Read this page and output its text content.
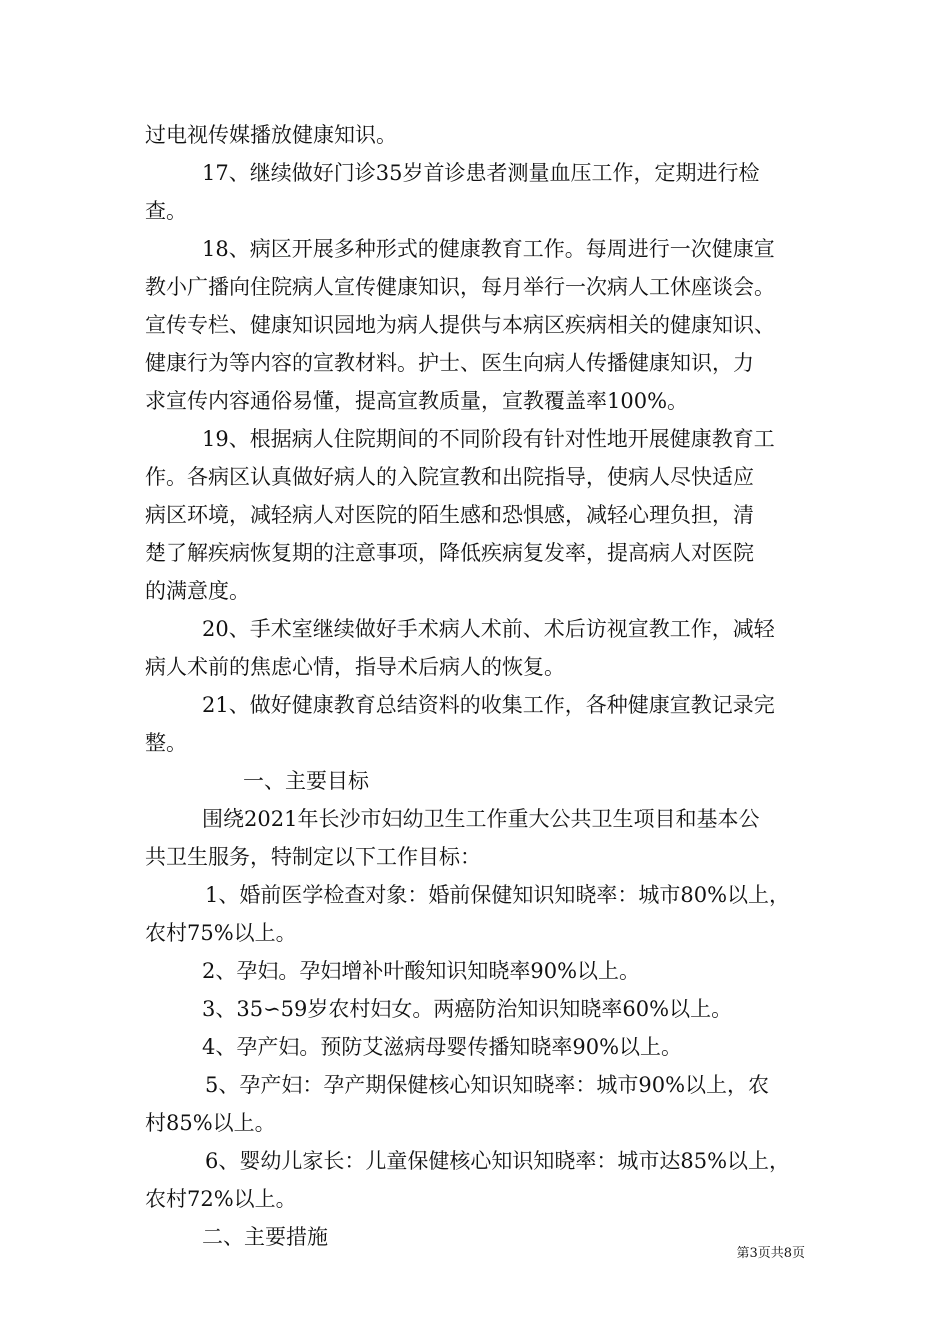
过电视传媒播放健康知识。
17、继续做好门诊35岁首诊患者测量血压工作，定期进行检
查。
18、病区开展多种形式的健康教育工作。每周进行一次健康宣
教小广播向住院病人宣传健康知识，每月举行一次病人工休座谈会。
宣传专栏、健康知识园地为病人提供与本病区疾病相关的健康知识、
健康行为等内容的宣教材料。护士、医生向病人传播健康知识，力
求宣传内容通俗易懂，提高宣教质量，宣教覆盖率100%。
19、根据病人住院期间的不同阶段有针对性地开展健康教育工
作。各病区认真做好病人的入院宣教和出院指导，使病人尽快适应
病区环境，减轻病人对医院的陌生感和恐惧感，减轻心理负担，清
楚了解疾病恢复期的注意事项，降低疾病复发率，提高病人对医院
的满意度。
20、手术室继续做好手术病人术前、术后访视宣教工作，减轻
病人术前的焦虑心情，指导术后病人的恢复。
21、做好健康教育总结资料的收集工作，各种健康宣教记录完
整。
一、主要目标
围绕2021年长沙市妇幼卫生工作重大公共卫生项目和基本公
共卫生服务，特制定以下工作目标：
1、婚前医学检查对象：婚前保健知识知晓率：城市80%以上，
农村75%以上。
2、孕妇。孕妇增补叶酸知识知晓率90%以上。
3、35∽59岁农村妇女。两癌防治知识知晓率60%以上。
4、孕产妇。预防艾滋病母婴传播知晓率90%以上。
5、孕产妇：孕产期保健核心知识知晓率：城市90%以上，农
村85%以上。
6、婴幼儿家长：儿童保健核心知识知晓率：城市达85%以上，
农村72%以上。
二、主要措施
第3页共8页
